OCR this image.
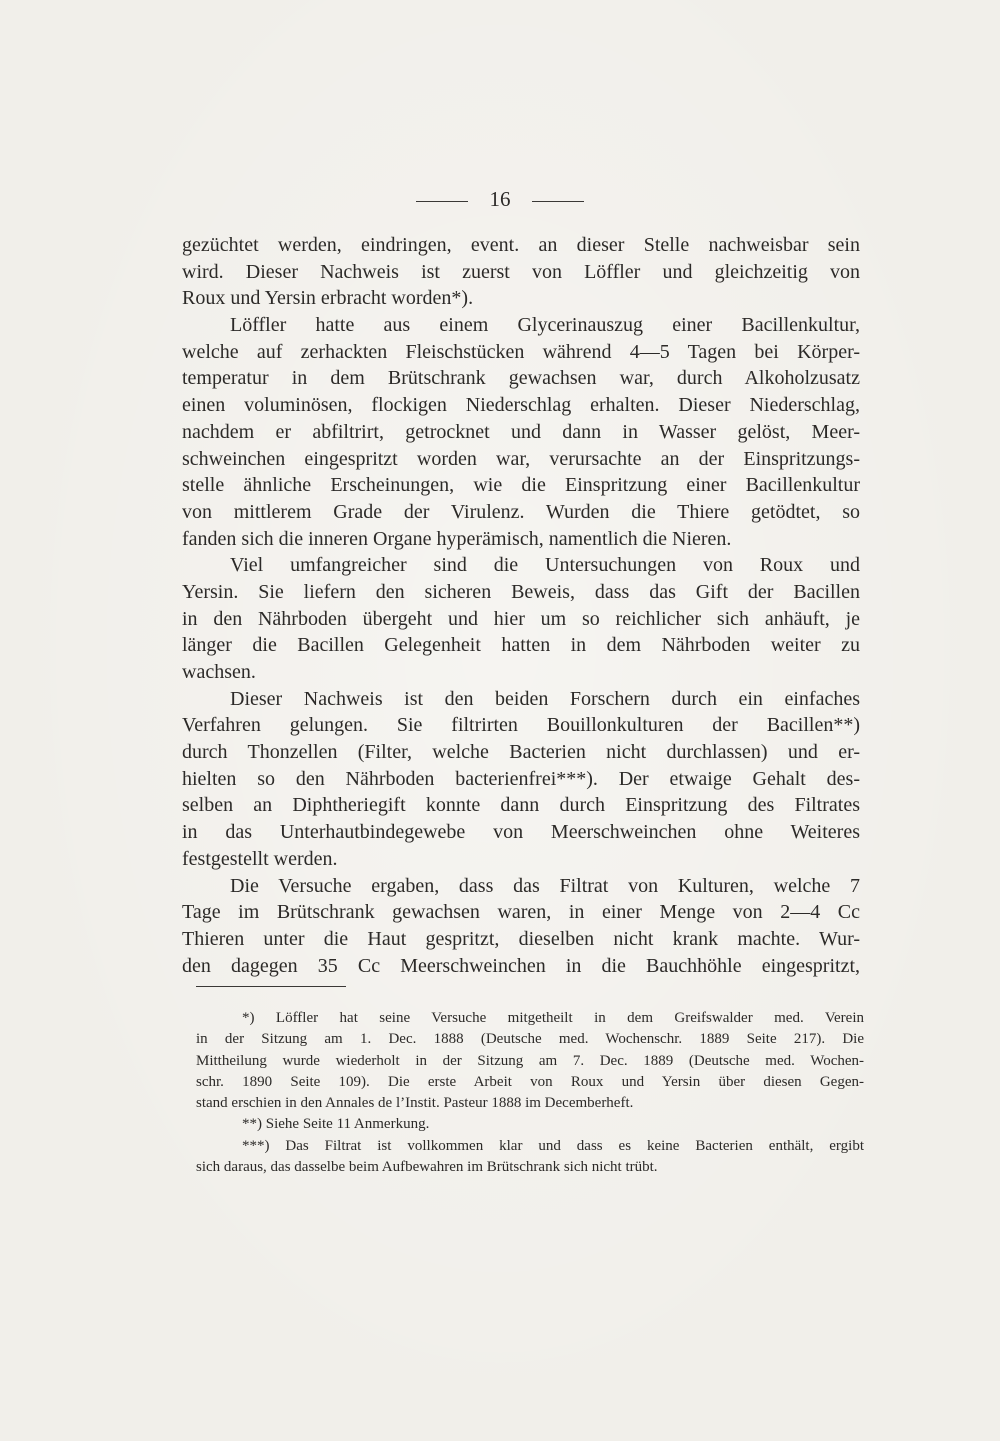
16
gezüchtet werden, eindringen, event. an dieser Stelle nachweisbar sein
wird. Dieser Nachweis ist zuerst von Löffler und gleichzeitig von
Roux und Yersin erbracht worden*).
Löffler hatte aus einem Glycerinauszug einer Bacillenkultur,
welche auf zerhackten Fleischstücken während 4—5 Tagen bei Körper-
temperatur in dem Brütschrank gewachsen war, durch Alkoholzusatz
einen voluminösen, flockigen Niederschlag erhalten. Dieser Niederschlag,
nachdem er abfiltrirt, getrocknet und dann in Wasser gelöst, Meer-
schweinchen eingespritzt worden war, verursachte an der Einspritzungs-
stelle ähnliche Erscheinungen, wie die Einspritzung einer Bacillenkultur
von mittlerem Grade der Virulenz. Wurden die Thiere getödtet, so
fanden sich die inneren Organe hyperämisch, namentlich die Nieren.
Viel umfangreicher sind die Untersuchungen von Roux und
Yersin. Sie liefern den sicheren Beweis, dass das Gift der Bacillen
in den Nährboden übergeht und hier um so reichlicher sich anhäuft, je
länger die Bacillen Gelegenheit hatten in dem Nährboden weiter zu
wachsen.
Dieser Nachweis ist den beiden Forschern durch ein einfaches
Verfahren gelungen. Sie filtrirten Bouillonkulturen der Bacillen**)
durch Thonzellen (Filter, welche Bacterien nicht durchlassen) und er-
hielten so den Nährboden bacterienfrei***). Der etwaige Gehalt des-
selben an Diphtheriegift konnte dann durch Einspritzung des Filtrates
in das Unterhautbindegewebe von Meerschweinchen ohne Weiteres
festgestellt werden.
Die Versuche ergaben, dass das Filtrat von Kulturen, welche 7
Tage im Brütschrank gewachsen waren, in einer Menge von 2—4 Cc
Thieren unter die Haut gespritzt, dieselben nicht krank machte. Wur-
den dagegen 35 Cc Meerschweinchen in die Bauchhöhle eingespritzt,
*) Löffler hat seine Versuche mitgetheilt in dem Greifswalder med. Verein
in der Sitzung am 1. Dec. 1888 (Deutsche med. Wochenschr. 1889 Seite 217). Die
Mittheilung wurde wiederholt in der Sitzung am 7. Dec. 1889 (Deutsche med. Wochen-
schr. 1890 Seite 109). Die erste Arbeit von Roux und Yersin über diesen Gegen-
stand erschien in den Annales de l’Instit. Pasteur 1888 im Decemberheft.
**) Siehe Seite 11 Anmerkung.
***) Das Filtrat ist vollkommen klar und dass es keine Bacterien enthält, ergibt
sich daraus, das dasselbe beim Aufbewahren im Brütschrank sich nicht trübt.
